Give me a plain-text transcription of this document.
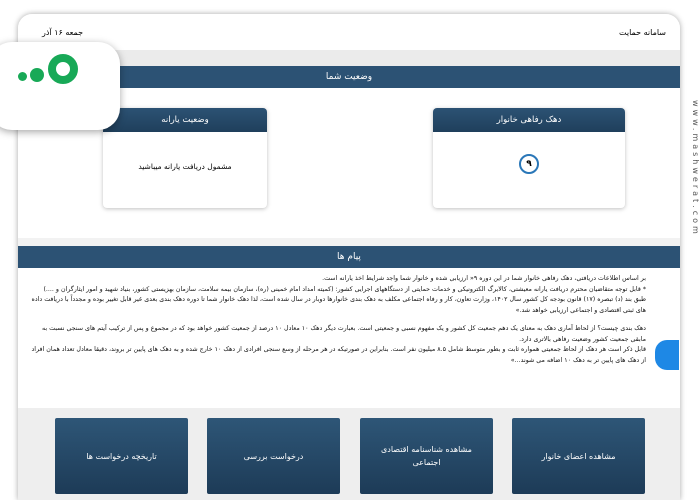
سامانه حمایت
جمعه ۱۶ آذر
وضعیت شما
دهک رفاهی خانوار
۹
وضعیت یارانه
مشمول دریافت یارانه میباشید
پیام ها

بر اساس اطلاعات دریافتی، دهک رفاهی خانوار شما در این دوره ۹« ارزیابی شده و خانوار شما واجد شرایط اخذ یارانه است.

* قابل توجه متقاضیان محترم دریافت یارانه معیشتی، کالابرگ الکترونیکی و خدمات حمایتی از دستگاههای اجرایی کشور: (کمیته امداد امام خمینی (ره)، سازمان بیمه سلامت، سازمان بهزیستی کشور، بنیاد شهید و امور ایثارگران و ....)

طبق بند (د) تبصره (۱۷) قانون بودجه کل کشور سال ۱۴۰۲، وزارت تعاون، کار و رفاه اجتماعی مکلف به دهک بندی خانوارها دوبار در سال شده است، لذا دهک خانوار شما تا دوره دهک بندی بعدی غیر قابل تغییر بوده و مجدداً با دریافت داده های ثبتی اقتصادی و اجتماعی ارزیابی خواهد شد.»

دهک بندی چیست؟ از لحاظ آماری دهک به معنای یک دهم جمعیت کل کشور و یک مفهوم نسبی و جمعیتی است. بعبارت دیگر دهک ۱۰ معادل ۱۰ درصد از جمعیت کشور خواهد بود که در مجموع و پس از ترکیب آیتم های سنجی نسبت به مابقی جمعیت کشور وضعیت رفاهی بالاتری دارد.

قابل ذکر است هر دهک از لحاظ جمعیتی همواره ثابت و بطور متوسط شامل ۸.۵ میلیون نفر است. بنابراین در صورتیکه در هر مرحله از وسع سنجی افرادی از دهک ۱۰ خارج شده و به دهک های پایین تر بروند، دقیقا معادل تعداد همان افراد از دهک های پایین تر به دهک ۱۰ اضافه می شوند...»

تاریخچه درخواست ها	درخواست بررسی
مشاهده شناسنامه اقتصادی اجتماعی
مشاهده اعضای خانوار
www.mashwerat.com
